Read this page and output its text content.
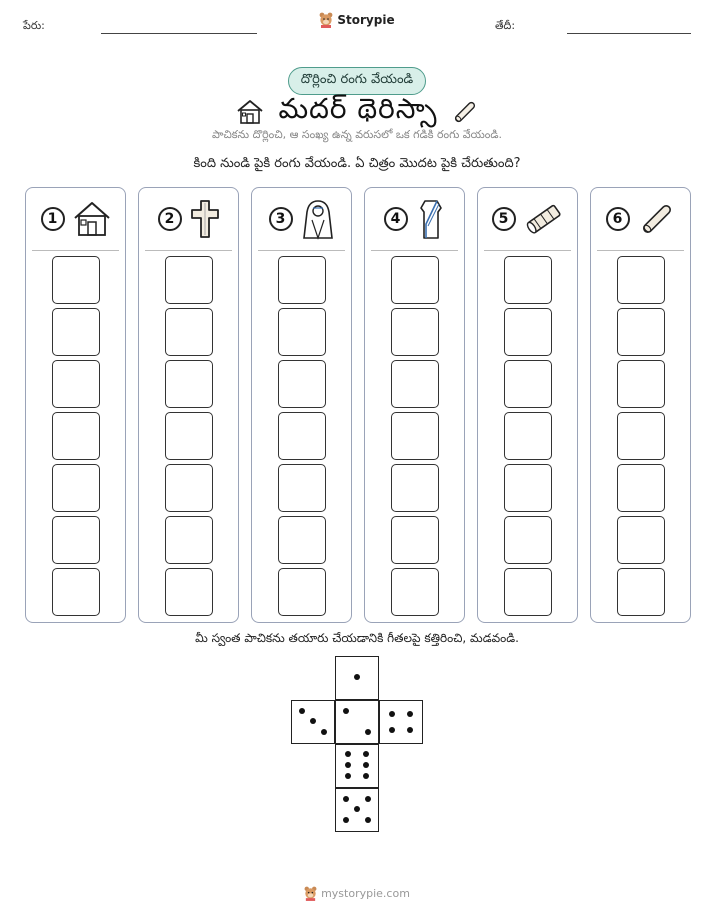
పేరు:	Storypie	తేదీ:
దొర్లించి రంగు వేయండి
మదర్ థెరిస్సా
పాచికను దొర్లించి, ఆ సంఖ్య ఉన్న వరుసలో ఒక గడికి రంగు వేయండి.
కింది నుండి పైకి రంగు వేయండి. ఏ చిత్రం మొదట పైకి చేరుతుంది?
1	2	3	4	5	6
మీ స్వంత పాచికను తయారు చేయడానికి గీతలపై కత్తిరించి, మడవండి.
mystorypie.com
